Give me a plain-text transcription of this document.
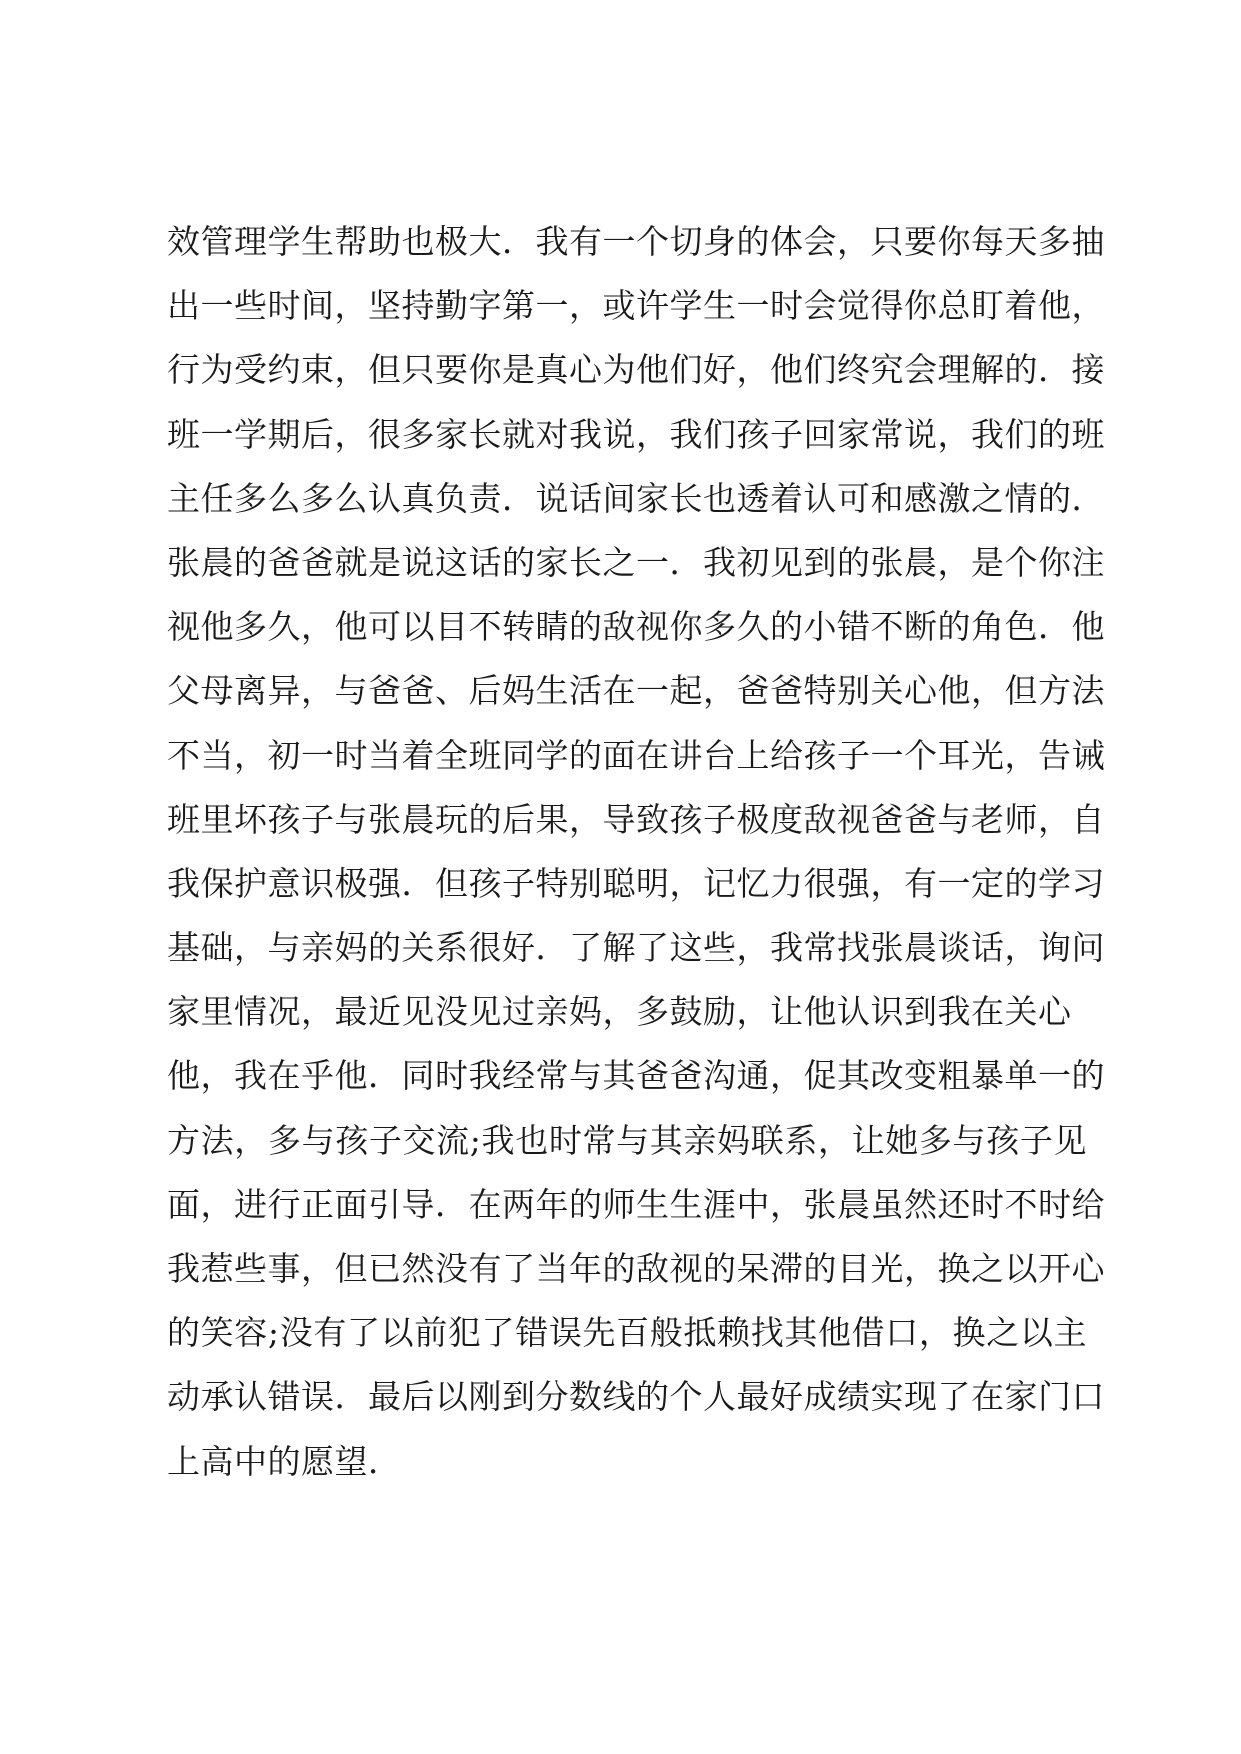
效管理学生帮助也极大．我有一个切身的体会，只要你每天多抽
出一些时间，坚持勤字第一，或许学生一时会觉得你总盯着他，
行为受约束，但只要你是真心为他们好，他们终究会理解的．接
班一学期后，很多家长就对我说，我们孩子回家常说，我们的班
主任多么多么认真负责．说话间家长也透着认可和感激之情的．
张晨的爸爸就是说这话的家长之一．我初见到的张晨，是个你注
视他多久，他可以目不转睛的敌视你多久的小错不断的角色．他
父母离异，与爸爸、后妈生活在一起，爸爸特别关心他，但方法
不当，初一时当着全班同学的面在讲台上给孩子一个耳光，告诫
班里坏孩子与张晨玩的后果，导致孩子极度敌视爸爸与老师，自
我保护意识极强．但孩子特别聪明，记忆力很强，有一定的学习
基础，与亲妈的关系很好．了解了这些，我常找张晨谈话，询问
家里情况，最近见没见过亲妈，多鼓励，让他认识到我在关心
他，我在乎他．同时我经常与其爸爸沟通，促其改变粗暴单一的
方法，多与孩子交流;我也时常与其亲妈联系，让她多与孩子见
面，进行正面引导．在两年的师生生涯中，张晨虽然还时不时给
我惹些事，但已然没有了当年的敌视的呆滞的目光，换之以开心
的笑容;没有了以前犯了错误先百般抵赖找其他借口，换之以主
动承认错误．最后以刚到分数线的个人最好成绩实现了在家门口
上高中的愿望．
